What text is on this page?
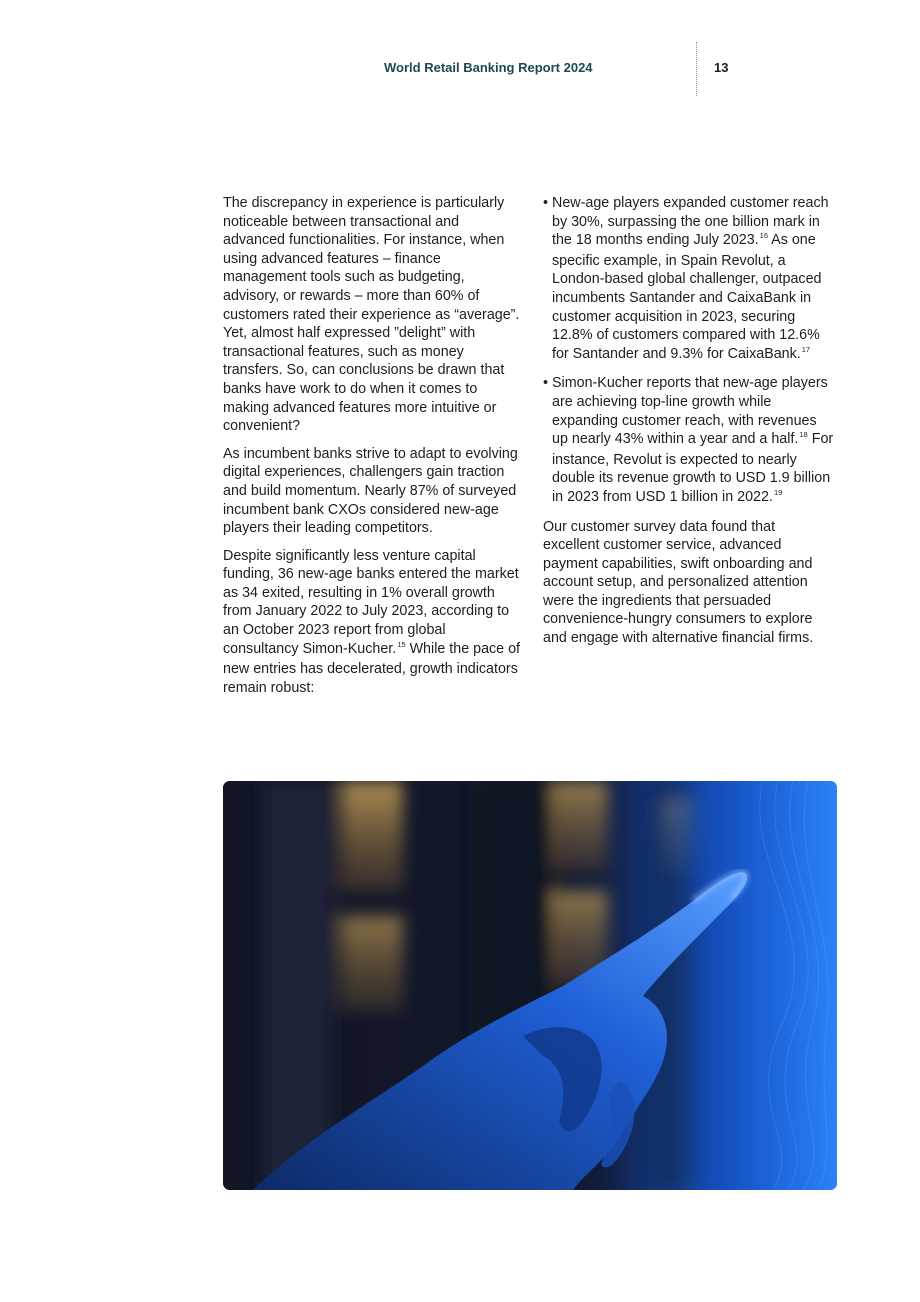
World Retail Banking Report 2024	13

The discrepancy in experience is particularly noticeable between transactional and advanced functionalities. For instance, when using advanced features – finance management tools such as budgeting, advisory, or rewards – more than 60% of customers rated their experience as “average”. Yet, almost half expressed ”delight” with transactional features, such as money transfers. So, can conclusions be drawn that banks have work to do when it comes to making advanced features more intuitive or convenient?

As incumbent banks strive to adapt to evolving digital experiences, challengers gain traction and build momentum. Nearly 87% of surveyed incumbent bank CXOs considered new-age players their leading competitors.

Despite significantly less venture capital funding, 36 new-age banks entered the market as 34 exited, resulting in 1% overall growth from January 2022 to July 2023, according to an October 2023 report from global consultancy Simon-Kucher.$^{15}$ While the pace of new entries has decelerated, growth indicators remain robust:

• New-age players expanded customer reach by 30%, surpassing the one billion mark in the 18 months ending July 2023.16 As one specific example, in Spain Revolut, a London-based global challenger, outpaced incumbents Santander and CaixaBank in customer acquisition in 2023, securing 12.8% of customers compared with 12.6% for Santander and 9.3% for CaixaBank.$^{17}$
• Simon-Kucher reports that new-age players are achieving top-line growth while expanding customer reach, with revenues up nearly 43% within a year and a half.$^{18}$ For instance, Revolut is expected to nearly double its revenue growth to USD 1.9 billion in 2023 from USD 1 billion in 2022.19

Our customer survey data found that excellent customer service, advanced payment capabilities, swift onboarding and account setup, and personalized attention were the ingredients that persuaded convenience-hungry consumers to explore and engage with alternative financial firms.
